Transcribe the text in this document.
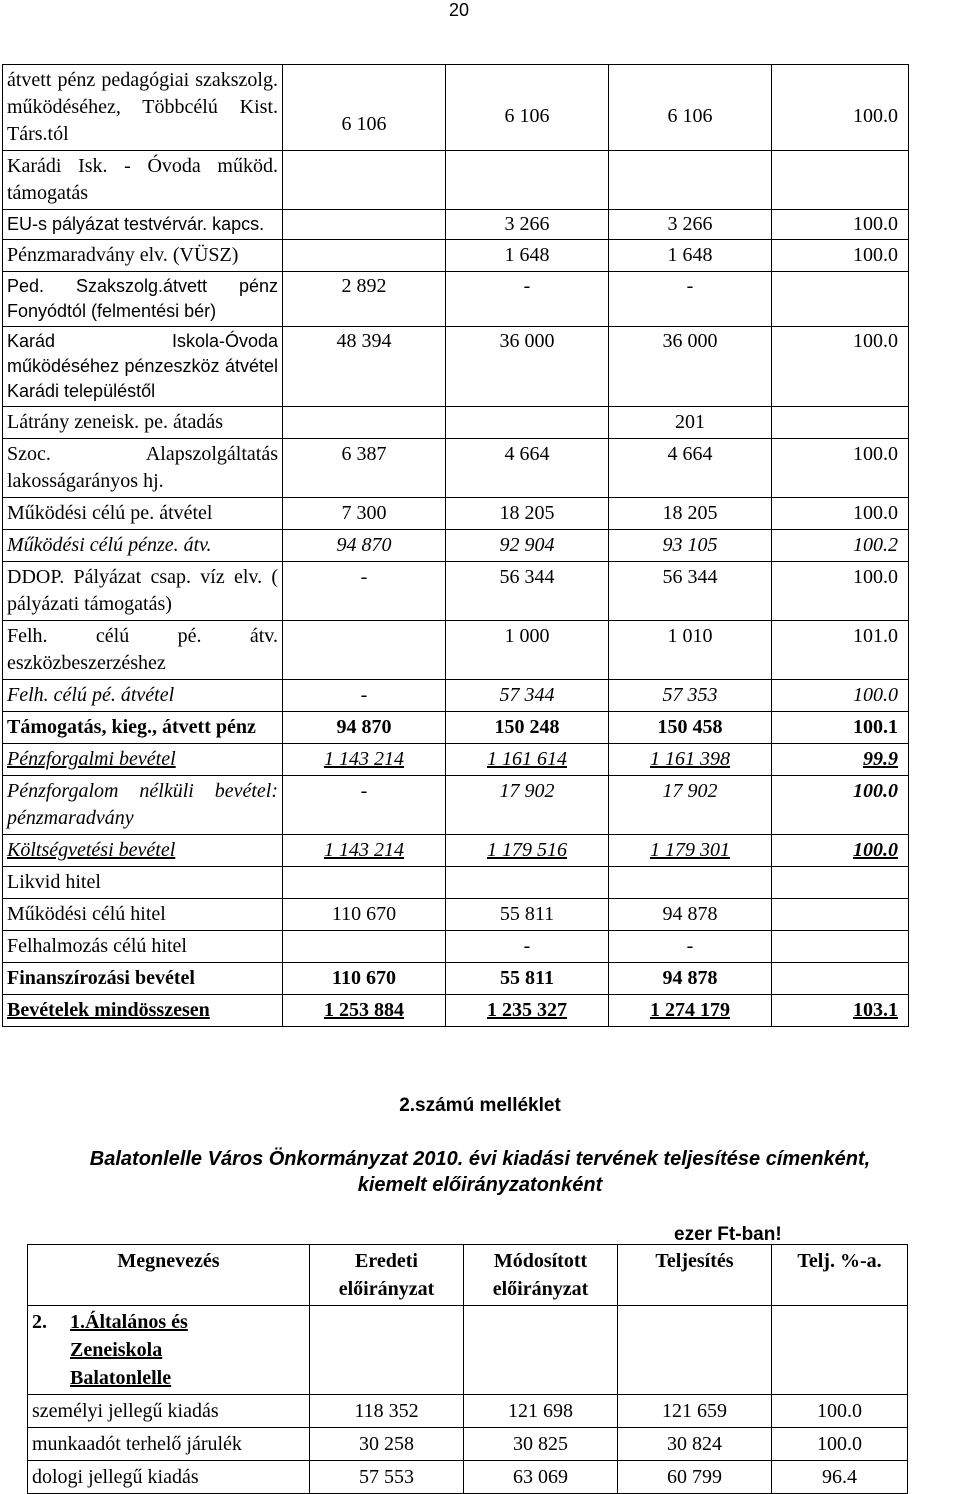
20
átvett pénz pedagógiai szakszolg. működéséhez, Többcélú Kist. Társ.tól	6 106	6 106	6 106	100.0
Karádi Isk. - Óvoda működ. támogatás				
EU-s pályázat testvérvár. kapcs.		3 266	3 266	100.0
Pénzmaradvány elv. (VÜSZ)		1 648	1 648	100.0
Ped. Szakszolg.átvett pénz Fonyódtól (felmentési bér)	2 892	-	-	
Karád Iskola-Óvoda működéséhez pénzeszköz átvétel Karádi településtől	48 394	36 000	36 000	100.0
Látrány zeneisk. pe. átadás			201	
Szoc. Alapszolgáltatás lakosságarányos hj.	6 387	4 664	4 664	100.0
Működési célú pe. átvétel	7 300	18 205	18 205	100.0
Működési célú pénze. átv.	94 870	92 904	93 105	100.2
DDOP. Pályázat csap. víz elv. ( pályázati támogatás)	-	56 344	56 344	100.0
Felh. célú pé. átv. eszközbeszerzéshez		1 000	1 010	101.0
Felh. célú pé. átvétel	-	57 344	57 353	100.0
Támogatás, kieg., átvett pénz	94 870	150 248	150 458	100.1
Pénzforgalmi bevétel	1 143 214	1 161 614	1 161 398	99.9
Pénzforgalom nélküli bevétel: pénzmaradvány	-	17 902	17 902	100.0
Költségvetési bevétel	1 143 214	1 179 516	1 179 301	100.0
Likvid hitel				
Működési célú hitel	110 670	55 811	94 878	
Felhalmozás célú hitel		-	-	
Finanszírozási bevétel	110 670	55 811	94 878	
Bevételek mindösszesen	1 253 884	1 235 327	1 274 179	103.1
2.számú melléklet
Balatonlelle Város Önkormányzat 2010. évi kiadási tervének teljesítése címenként, kiemelt előirányzatonként
ezer Ft-ban!
Megnevezés	Eredeti előirányzat	Módosított előirányzat	Teljesítés	Telj. %-a.

2. 1.Általános és Zeneiskola Balatonlelle				

személyi jellegű kiadás	118 352	121 698	121 659	100.0
munkaadót terhelő járulék	30 258	30 825	30 824	100.0
dologi jellegű kiadás	57 553	63 069	60 799	96.4
